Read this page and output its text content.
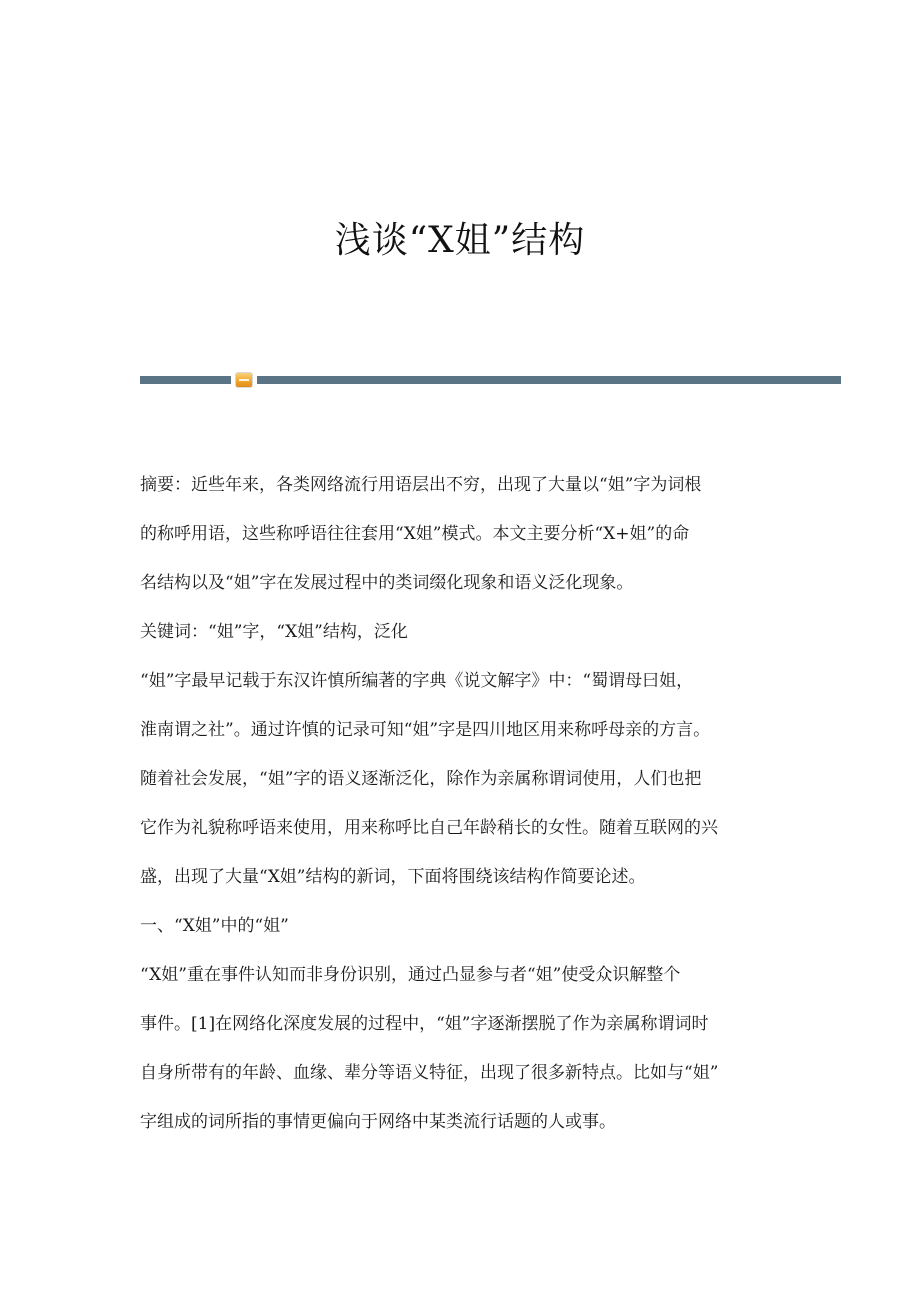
浅谈“X姐”结构
摘要：近些年来，各类网络流行用语层出不穷，出现了大量以“姐”字为词根
的称呼用语，这些称呼语往往套用“X姐”模式。本文主要分析“X+姐”的命
名结构以及“姐”字在发展过程中的类词缀化现象和语义泛化现象。
关键词：“姐”字，“X姐”结构，泛化
“姐”字最早记载于东汉许慎所编著的字典《说文解字》中：“蜀谓母曰姐，
淮南谓之社”。通过许慎的记录可知“姐”字是四川地区用来称呼母亲的方言。
随着社会发展，“姐”字的语义逐渐泛化，除作为亲属称谓词使用，人们也把
它作为礼貌称呼语来使用，用来称呼比自己年龄稍长的女性。随着互联网的兴
盛，出现了大量“X姐”结构的新词，下面将围绕该结构作简要论述。
一、“X姐”中的“姐”
“X姐”重在事件认知而非身份识别，通过凸显参与者“姐”使受众识解整个
事件。[1]在网络化深度发展的过程中，“姐”字逐渐摆脱了作为亲属称谓词时
自身所带有的年龄、血缘、辈分等语义特征，出现了很多新特点。比如与“姐”
字组成的词所指的事情更偏向于网络中某类流行话题的人或事。
